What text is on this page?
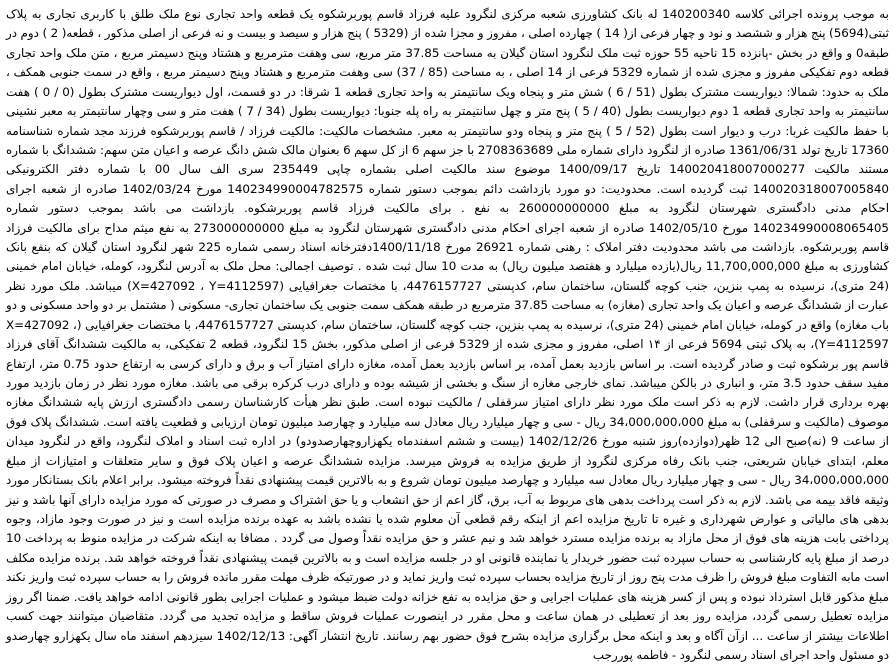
به موجب پرونده اجرائی کلاسه 140200340 له بانک کشاورزی شعبه مرکزی لنگرود علیه فرزاد قاسم پوربرشکوه یک قطعه واحد تجاری نوع ملک طلق با کاربری تجاری به پلاک ثبتی(5694) پنج هزار و ششصد و نود و چهار فرعی از( 14 ) چهارده اصلی ، مفروز و مجزا شده از (5329 ) پنج هزار و سیصد و بیست و نه فرعی از اصلی مذکور ، قطعه( 2 ) دوم در طبقه0 و واقع در بخش -پانزده 15 ناحیه 55 حوزه ثبت ملک لنگرود استان گیلان به مساحت 37.85 متر مربع، سی وهفت مترمربع و هشتاد وپنج دسیمتر مربع ، متن ملک واحد تجاری قطعه دوم تفکیکی مفروز و مجزی شده از شماره 5329 فرعی از 14 اصلی ، به مساحت (85 / 37) سی وهفت مترمربع و هشتاد وپنج دسیمتر مربع ، واقع در سمت جنوبی همکف ، ملک به حدود: شمالا: دیواریست مشترک بطول (51 / 6 ) شش متر و پنجاه ویک سانتیمتر به واحد تجاری قطعه 1 شرقا: در دو قسمت، اول دیواریست مشترک بطول (0 / 0 ) هفت سانتیمتر به واحد تجاری قطعه 1 دوم دیواریست بطول (40 / 5 ) پنج متر و چهل سانتیمتر به راه پله جنوبا: دیواریست بطول (34 / 7 ) هفت متر و سی وچهار سانتیمتر به معبر نشینی با حفظ مالکیت غربا: درب و دیوار است بطول (52 / 5 ) پنج متر و پنجاه ودو سانتیمتر به معبر. مشخصات مالکیت: مالکیت فرزاد / قاسم پوربرشکوه فرزند مجد شماره شناسنامه 17360 تاریخ تولد 1361/06/31 صادره از لنگرود دارای شماره ملی 2708363689 با جز سهم 6 از کل سهم 6 بعنوان مالک شش دانگ عرصه و اعیان متن سهم: ششدانگ با شماره مستند مالکیت 140020418007000277 تاریخ 1400/09/17 موضوع سند مالکیت اصلی بشماره چاپی 235449 سری الف سال 00 با شماره دفتر الکترونیکی 140020318007005840 ثبت گردیده است. محدودیت: دو مورد بازداشت دائم بموجب دستور شماره 140234990004782575 مورخ 1402/03/24 صادره از شعبه اجرای احکام مدنی دادگستری شهرستان لنگرود به مبلغ 260000000000 به نفع . برای مالکیت فرزاد قاسم پوربرشکوه. بازداشت می باشد بموجب دستور شماره 140234990008065405 مورخ 1402/05/10 صادره از شعبه اجرای احکام مدنی دادگستری شهرستان لنگرود به مبلغ 273000000000 به نفع میثم مداح برای مالکیت فرزاد قاسم پوربرشکوه. بازداشت می باشد محدودیت دفتر املاک : رهنی شماره 26921 مورخ 1400/11/18دفترخانه اسناد رسمی شماره 225 شهر لنگرود استان گیلان که بنفع بانک کشاورزی به مبلغ 11,700,000,000 ریال(یازده میلیارد و هفتصد میلیون ریال) به مدت 10 سال ثبت شده . توصیف اجمالی: محل ملک به آدرس لنگرود، کومله، خیابان امام خمینی (24 متری)، نرسیده به پمپ بنزین، جنب کوچه گلستان، ساختمان سام، کدپستی 4476157727، با مختصات جغرافیایی (X=427092 ، Y=4112597) میباشد. ملک مورد نظر عبارت از ششدانگ عرصه و اعیان یک واحد تجاری (مغازه) به مساحت 37.85 مترمربع در طبقه همکف سمت جنوبی یک ساختمان تجاری- مسکونی ( مشتمل بر دو واحد مسکونی و دو باب مغازه) واقع در کومله، خیابان امام خمینی (24 متری)، نرسیده به پمپ بنزین، جنب کوچه گلستان، ساختمان سام، کدپستی 4476157727، با مختصات جغرافیایی (X=427092 ، Y=4112597)، به پلاک ثبتی 5694 فرعی از ۱۴ اصلی، مفروز و مجزی شده از 5329 فرعی از اصلی مذکور، بخش 15 لنگرود، قطعه 2 تفکیکی، به مالکیت ششدانگ آقای فرزاد قاسم پور برشکوه ثبت و صادر گردیده است. بر اساس بازدید بعمل آمده، بر اساس بازدید بعمل آمده، مغازه دارای امتیاز آب و برق و دارای کرسی به ارتفاع حدود 0.75 متر، ارتفاع مفید سقف حدود 3.5 متر، و انباری در بالکن میباشد. نمای خارجی مغازه از سنگ و بخشی از شیشه بوده و دارای درب کرکره برقی می باشد. مغازه مورد نظر در زمان بازدید مورد بهره برداری قرار داشت. لازم به ذکر است ملک مورد نظر دارای امتیاز سرقفلی / مالکیت نبوده است. طبق نظر هیأت کارشناسان رسمی دادگستری ارزش پایه ششدانگ مغازه موصوف (مالکیت و سرقفلی) به مبلغ 34،000،000،000 ریال - سی و چهار میلیارد ریال معادل سه میلیارد و چهارصد میلیون تومان ارزیابی و قطعیت یافته است. ششدانگ پلاک فوق از ساعت 9 (نه)صبح الی 12 ظهر(دوازده)روز شنبه مورخ 1402/12/26 (بیست و ششم اسفندماه یکهزاروچهارصدودو) در اداره ثبت اسناد و املاک لنگرود، واقع در لنگرود میدان معلم، ابتدای خیابان شریعتی، جنب بانک رفاه مرکزی لنگرود از طریق مزایده به فروش میرسد. مزایده ششدانگ عرصه و اعیان پلاک فوق و سایر متعلقات و امتیازات از مبلغ 34،000،000،000 ریال - سی و چهار میلیارد ریال معادل سه میلیارد و چهارصد میلیون تومان شروع و به بالاترین قیمت پیشنهادی نقداً فروخته میشود. برابر اعلام بانک بستانکار مورد وثیقه فاقد بیمه می باشد. لازم به ذکر است پرداخت بدهی های مربوط به آب، برق، گاز اعم از حق انشعاب و یا حق اشتراک و مصرف در صورتی که مورد مزایده دارای آنها باشد و نیز بدهی های مالیاتی و عوارض شهرداری و غیره تا تاریخ مزایده اعم از اینکه رقم قطعی آن معلوم شده یا نشده باشد به عهده برنده مزایده است و نیز در صورت وجود مازاد، وجوه پرداختی بابت هزینه های فوق از محل مازاد به برنده مزایده مسترد خواهد شد و نیم عشر و حق مزایده نقداً وصول می گردد . مضافا به اینکه شرکت در مزایده منوط به پرداخت 10 درصد از مبلغ پایه کارشناسی به حساب سپرده ثبت حضور خریدار یا نماینده قانونی او در جلسه مزایده است و به بالاترین قیمت پیشنهادی نقداً فروخته خواهد شد. برنده مزایده مکلف است مابه التفاوت مبلغ فروش را ظرف مدت پنج روز از تاریخ مزایده بحساب سپرده ثبت واریز نماید و در صورتیکه ظرف مهلت مقرر مانده فروش را به حساب سپرده ثبت واریز نکند مبلغ مذکور قابل استرداد نبوده و پس از کسر هزینه های عملیات اجرایی و حق مزایده به نفع خزانه دولت ضبط میشود و عملیات اجرایی بطور قانونی ادامه خواهد یافت. ضمنا اگر روز مزایده تعطیل رسمی گردد، مزایده روز بعد از تعطیلی در همان ساعت و محل مقرر در اینصورت عملیات فروش ساقط و مزایده تجدید می گردد. متقاضیان میتوانند جهت کسب اطلاعات بیشتر از ساعت ... ازآن آگاه و بعد و اینکه محل برگزاری مزایده بشرح فوق حضور بهم رسانند. تاریخ انتشار آگهی: 1402/12/13 سیزدهم اسفند ماه سال یکهزارو چهارصدو دو مسئول واحد اجرای اسناد رسمی لنگرود - فاطمه پوررجب
